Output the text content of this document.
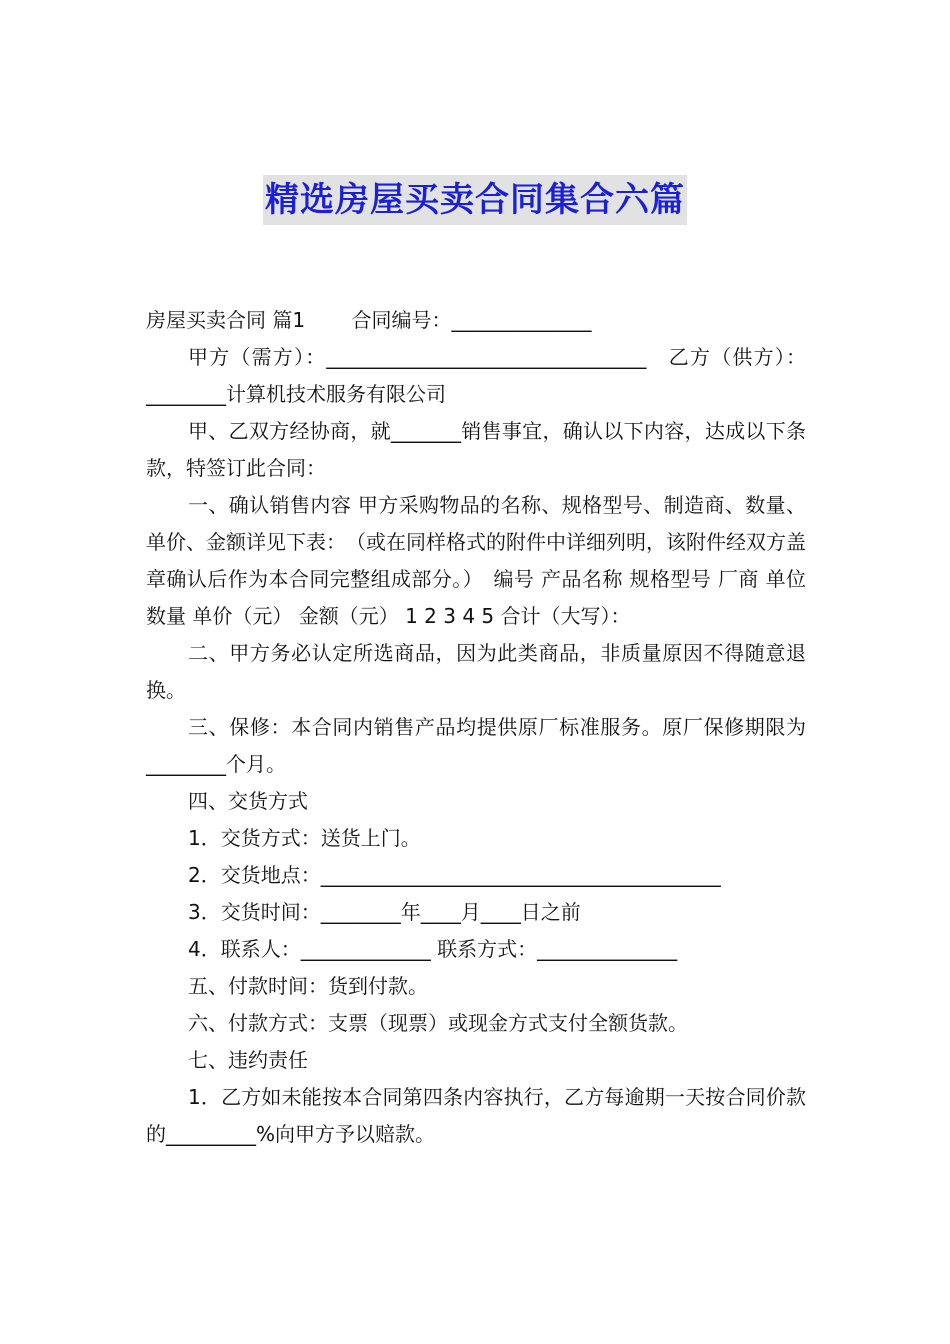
精选房屋买卖合同集合六篇

房屋买卖合同 篇1　　 合同编号：______________

甲方（需方）：________________________________　乙方（供方）：________计算机技术服务有限公司

甲、乙双方经协商，就_______销售事宜，确认以下内容，达成以下条款，特签订此合同：

一、确认销售内容 甲方采购物品的名称、规格型号、制造商、数量、单价、金额详见下表：　（或在同样格式的附件中详细列明，该附件经双方盖章确认后作为本合同完整组成部分。）　编号 产品名称 规格型号 厂商 单位 数量 单价（元） 金额（元） 1 2 3 4 5 合计（大写）：

二、甲方务必认定所选商品，因为此类商品，非质量原因不得随意退换。

三、保修：本合同内销售产品均提供原厂标准服务。原厂保修期限为________个月。

四、交货方式

1．交货方式：送货上门。

2．交货地点：________________________________________

3．交货时间：________年____月____日之前

4．联系人：_____________ 联系方式：______________

五、付款时间：货到付款。

六、付款方式：支票（现票）或现金方式支付全额货款。

七、违约责任

1．乙方如未能按本合同第四条内容执行，乙方每逾期一天按合同价款的_________%向甲方予以赔款。
